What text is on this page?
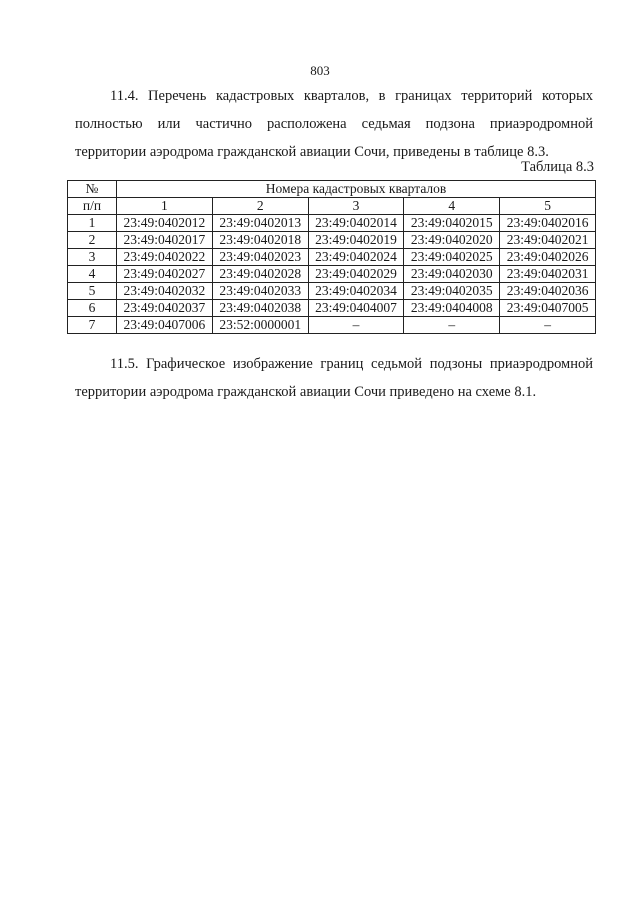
803
11.4. Перечень кадастровых кварталов, в границах территорий которых полностью или частично расположена седьмая подзона приаэродромной территории аэродрома гражданской авиации Сочи, приведены в таблице 8.3.
Таблица 8.3
№	Номера кадастровых кварталов				
п/п	1	2	3	4	5
1	23:49:0402012	23:49:0402013	23:49:0402014	23:49:0402015	23:49:0402016
2	23:49:0402017	23:49:0402018	23:49:0402019	23:49:0402020	23:49:0402021
3	23:49:0402022	23:49:0402023	23:49:0402024	23:49:0402025	23:49:0402026
4	23:49:0402027	23:49:0402028	23:49:0402029	23:49:0402030	23:49:0402031
5	23:49:0402032	23:49:0402033	23:49:0402034	23:49:0402035	23:49:0402036
6	23:49:0402037	23:49:0402038	23:49:0404007	23:49:0404008	23:49:0407005
7	23:49:0407006	23:52:0000001	–	–	–
11.5. Графическое изображение границ седьмой подзоны приаэродромной территории аэродрома гражданской авиации Сочи приведено на схеме 8.1.
